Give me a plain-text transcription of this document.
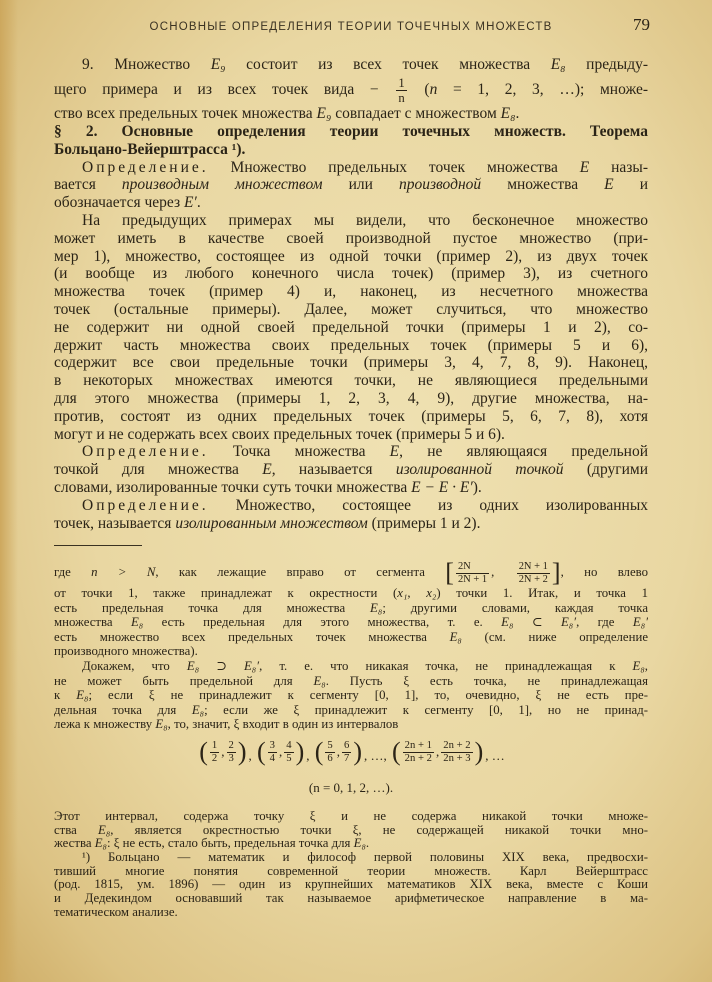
ОСНОВНЫЕ ОПРЕДЕЛЕНИЯ ТЕОРИИ ТОЧЕЧНЫХ МНОЖЕСТВ	79
9. Множество E₉ состоит из всех точек множества E₈ предыду-
щего примера и из всех точек вида − $\frac{1}{n} (n = 1$, 2, 3, …); множе-
ство всех предельных точек множества E₉ совпадает с множеством E₈.
§ 2. Основные определения теории точечных множеств. Теорема
Больцано-Вейерштрасса ¹).
Определение. Множество предельных точек множества E назы-
вается производным множеством или производной множества E и
обозначается через E′.
На предыдущих примерах мы видели, что бесконечное множество
может иметь в качестве своей производной пустое множество (при-
мер 1), множество, состоящее из одной точки (пример 2), из двух точек
(и вообще из любого конечного числа точек) (пример 3), из счетного
множества точек (пример 4) и, наконец, из несчетного множества
точек (остальные примеры). Далее, может случиться, что множество
не содержит ни одной своей предельной точки (примеры 1 и 2), со-
держит часть множества своих предельных точек (примеры 5 и 6),
содержит все свои предельные точки (примеры 3, 4, 7, 8, 9). Наконец,
в некоторых множествах имеются точки, не являющиеся предельными
для этого множества (примеры 1, 2, 3, 4, 9), другие множества, на-
против, состоят из одних предельных точек (примеры 5, 6, 7, 8), хотя
могут и не содержать всех своих предельных точек (примеры 5 и 6).
Определение. Точка множества E, не являющаяся предельной
точкой для множества E, называется изолированной точкой (другими
словами, изолированные точки суть точки множества E − E · E′).
Определение. Множество, состоящее из одних изолированных
точек, называется изолированным множеством (примеры 1 и 2).
где n > N, как лежащие вправо от сегмента [ $\frac{2N}{2N + 1}$ , $\frac{2N + 1}{2N + 2}$ ], но влево
от точки 1, также принадлежат к окрестности (x₁, x₂) точки 1. Итак, и точка 1
есть предельная точка для множества E₈; другими словами, каждая точка
множества E₈ есть предельная для этого множества, т. е. E₈ ⊂ E₈′, где E₈′
есть множество всех предельных точек множества E₈ (см. ниже определение
производного множества).
Докажем, что E₈ ⊃ E₈′, т. е. что никакая точка, не принадлежащая к E₈,
не может быть предельной для E₈. Пусть ξ есть точка, не принадлежащая
к E₈; если ξ не принадлежит к сегменту [0, 1], то, очевидно, ξ не есть пре-
дельная точка для E₈; если же ξ принадлежит к сегменту [0, 1], но не принад-
лежа к множеству E₈, то, значит, ξ входит в один из интервалов
( $\frac{1}{2}$ , $\frac{2}{3}$ ) , ( $\frac{3}{4}$ , $\frac{4}{5}$ ) , ( $\frac{5}{6}$ , $\frac{6}{7}$ ) , …, ( $\frac{2n + 1}{2n + 2}$ , $\frac{2n + 2}{2n + 3}$ ) , …
(n = 0, 1, 2, …).
Этот интервал, содержа точку ξ и не содержа никакой точки множе-
ства E₈, является окрестностью точки ξ, не содержащей никакой точки мно-
жества E₈: ξ не есть, стало быть, предельная точка для E₈.
¹) Больцано — математик и философ первой половины XIX века, предвосхи-
тивший многие понятия современной теории множеств. Карл Вейерштрасс
(род. 1815, ум. 1896) — один из крупнейших математиков XIX века, вместе с Коши
и Дедекиндом основавший так называемое арифметическое направление в ма-
тематическом анализе.
